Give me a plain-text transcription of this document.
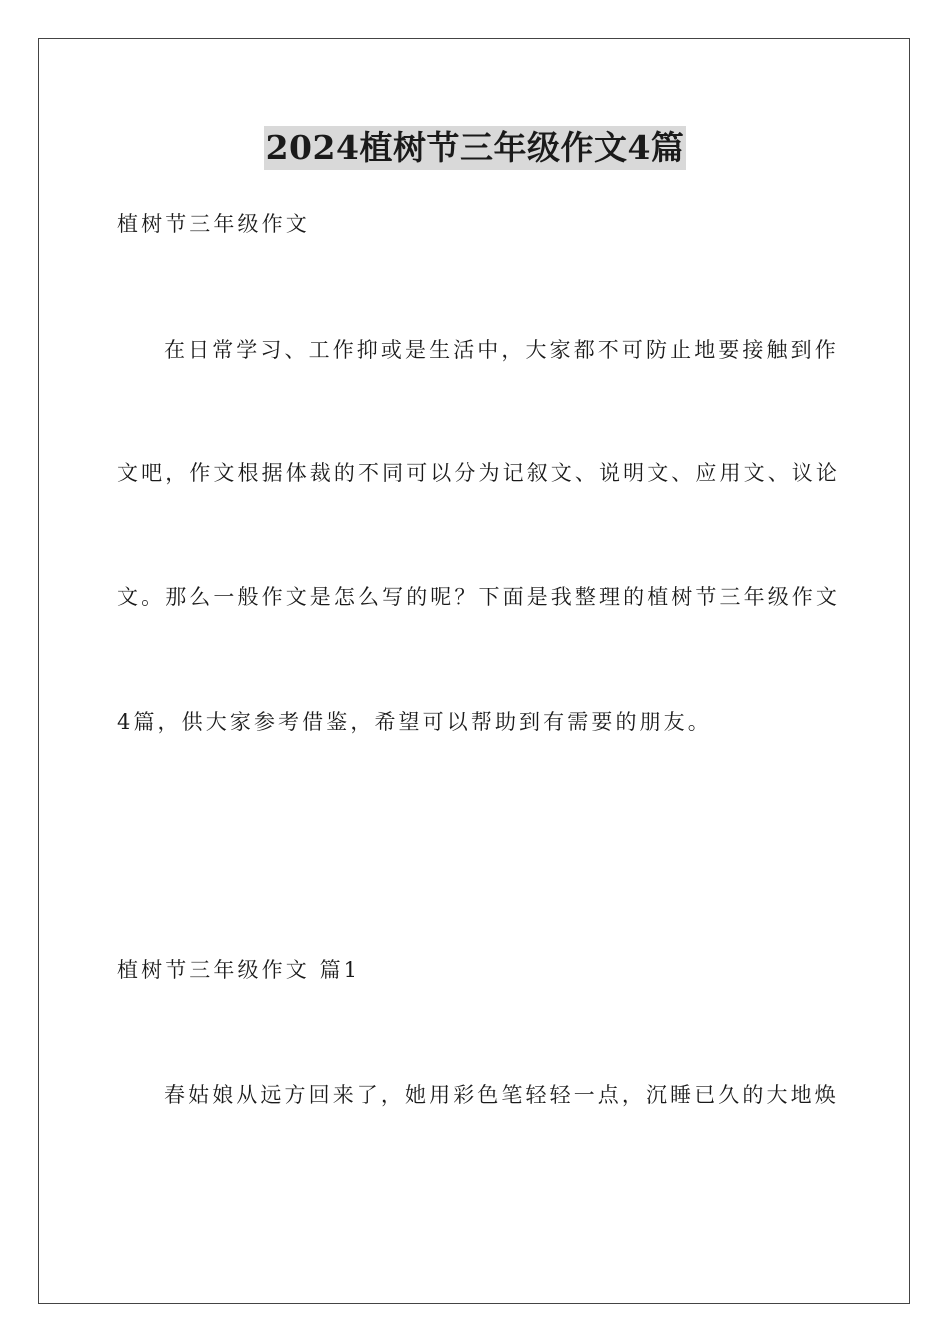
2024植树节三年级作文4篇
植树节三年级作文
在日常学习、工作抑或是生活中，大家都不可防止地要接触到作
文吧，作文根据体裁的不同可以分为记叙文、说明文、应用文、议论
文。那么一般作文是怎么写的呢？下面是我整理的植树节三年级作文
4篇，供大家参考借鉴，希望可以帮助到有需要的朋友。
植树节三年级作文 篇1
春姑娘从远方回来了，她用彩色笔轻轻一点，沉睡已久的大地焕
